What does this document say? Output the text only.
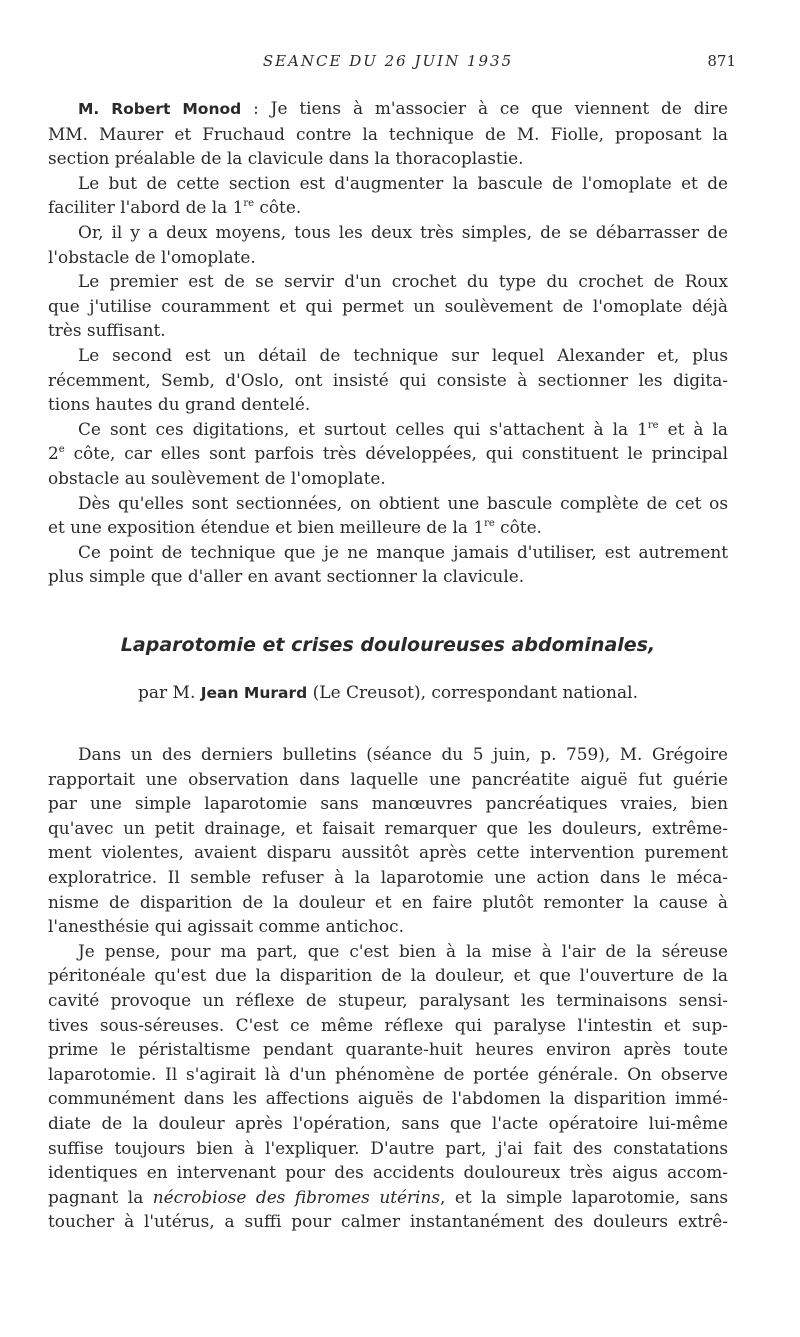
SEANCE DU 26 JUIN 1935	871
M. Robert Monod : Je tiens à m'associer à ce que viennent de dire
MM. Maurer et Fruchaud contre la technique de M. Fiolle, proposant la
section préalable de la clavicule dans la thoracoplastie.
Le but de cette section est d'augmenter la bascule de l'omoplate et de
faciliter l'abord de la 1re côte.
Or, il y a deux moyens, tous les deux très simples, de se débarrasser de
l'obstacle de l'omoplate.
Le premier est de se servir d'un crochet du type du crochet de Roux
que j'utilise couramment et qui permet un soulèvement de l'omoplate déjà
très suffisant.
Le second est un détail de technique sur lequel Alexander et, plus
récemment, Semb, d'Oslo, ont insisté qui consiste à sectionner les digita-
tions hautes du grand dentelé.
Ce sont ces digitations, et surtout celles qui s'attachent à la 1re et à la
2e côte, car elles sont parfois très développées, qui constituent le principal
obstacle au soulèvement de l'omoplate.
Dès qu'elles sont sectionnées, on obtient une bascule complète de cet os
et une exposition étendue et bien meilleure de la 1re côte.
Ce point de technique que je ne manque jamais d'utiliser, est autrement
plus simple que d'aller en avant sectionner la clavicule.
Laparotomie et crises douloureuses abdominales,
par M. Jean Murard (Le Creusot), correspondant national.
Dans un des derniers bulletins (séance du 5 juin, p. 759), M. Grégoire
rapportait une observation dans laquelle une pancréatite aiguë fut guérie
par une simple laparotomie sans manœuvres pancréatiques vraies, bien
qu'avec un petit drainage, et faisait remarquer que les douleurs, extrême-
ment violentes, avaient disparu aussitôt après cette intervention purement
exploratrice. Il semble refuser à la laparotomie une action dans le méca-
nisme de disparition de la douleur et en faire plutôt remonter la cause à
l'anesthésie qui agissait comme antichoc.
Je pense, pour ma part, que c'est bien à la mise à l'air de la séreuse
péritonéale qu'est due la disparition de la douleur, et que l'ouverture de la
cavité provoque un réflexe de stupeur, paralysant les terminaisons sensi-
tives sous-séreuses. C'est ce même réflexe qui paralyse l'intestin et sup-
prime le péristaltisme pendant quarante-huit heures environ après toute
laparotomie. Il s'agirait là d'un phénomène de portée générale. On observe
communément dans les affections aiguës de l'abdomen la disparition immé-
diate de la douleur après l'opération, sans que l'acte opératoire lui-même
suffise toujours bien à l'expliquer. D'autre part, j'ai fait des constatations
identiques en intervenant pour des accidents douloureux très aigus accom-
pagnant la nécrobiose des fibromes utérins, et la simple laparotomie, sans
toucher à l'utérus, a suffi pour calmer instantanément des douleurs extrê-
